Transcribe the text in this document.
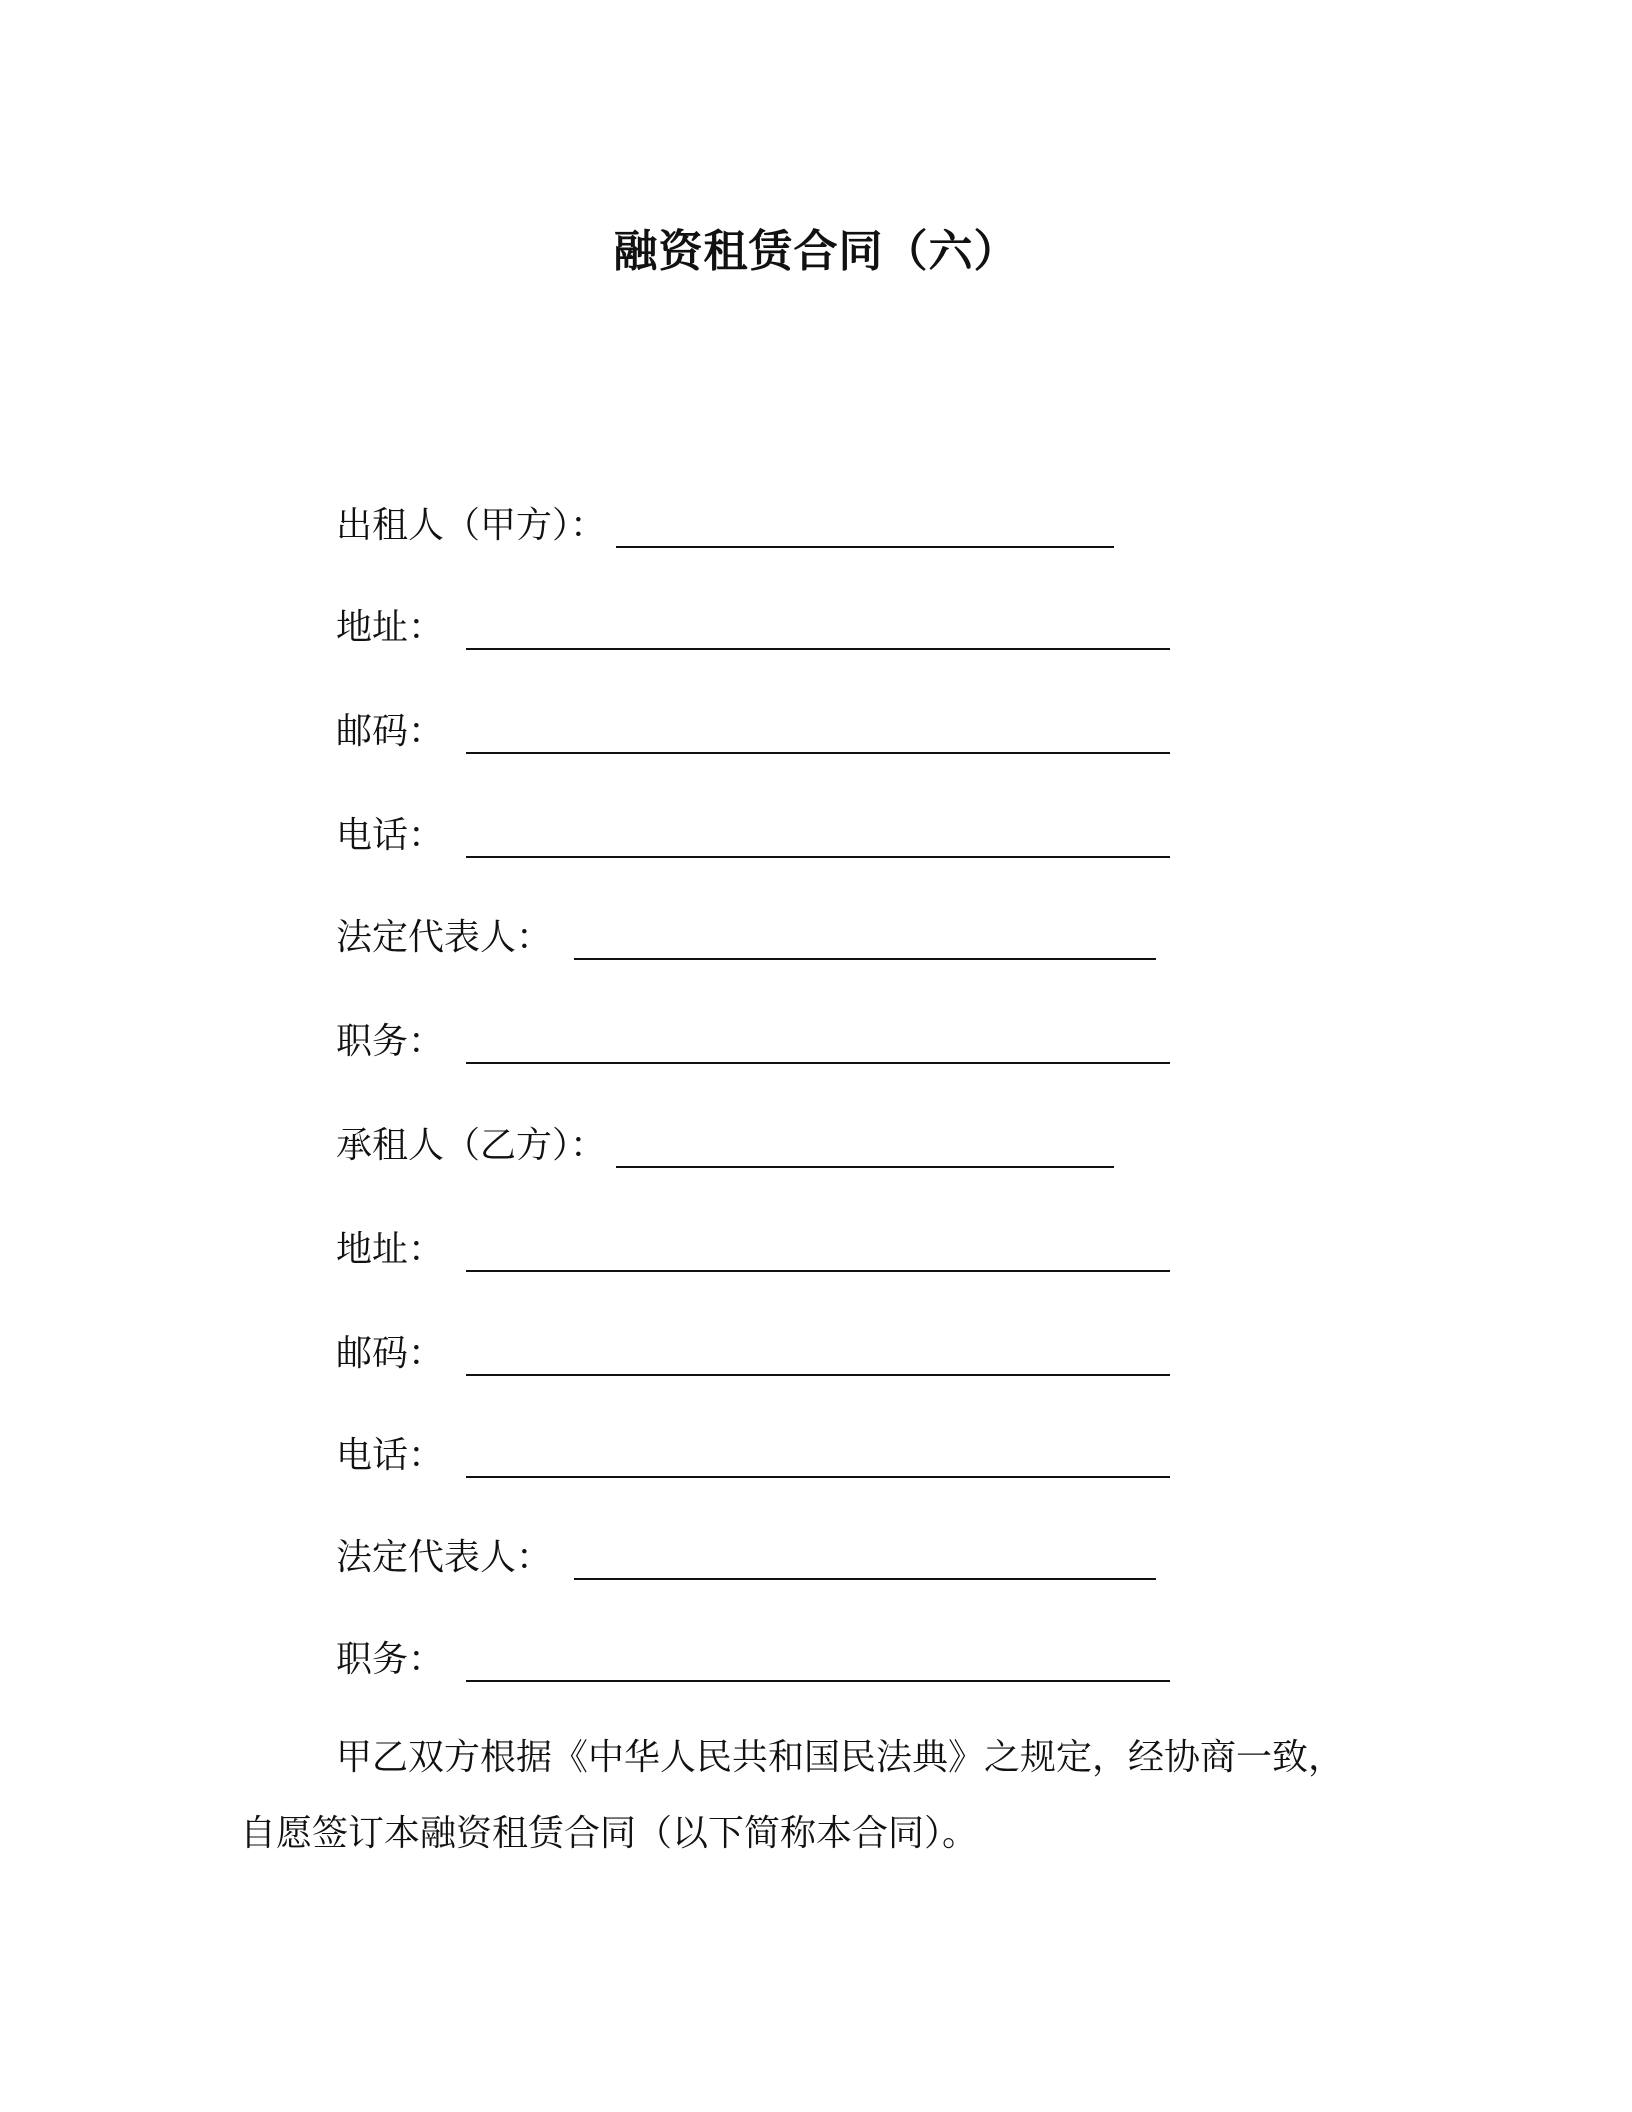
融资租赁合同（六）
出租人（甲方）：
地址：
邮码：
电话：
法定代表人：
职务：
承租人（乙方）：
地址：
邮码：
电话：
法定代表人：
职务：

甲乙双方根据《中华人民共和国民法典》之规定，经协商一致，

自愿签订本融资租赁合同（以下简称本合同）。
